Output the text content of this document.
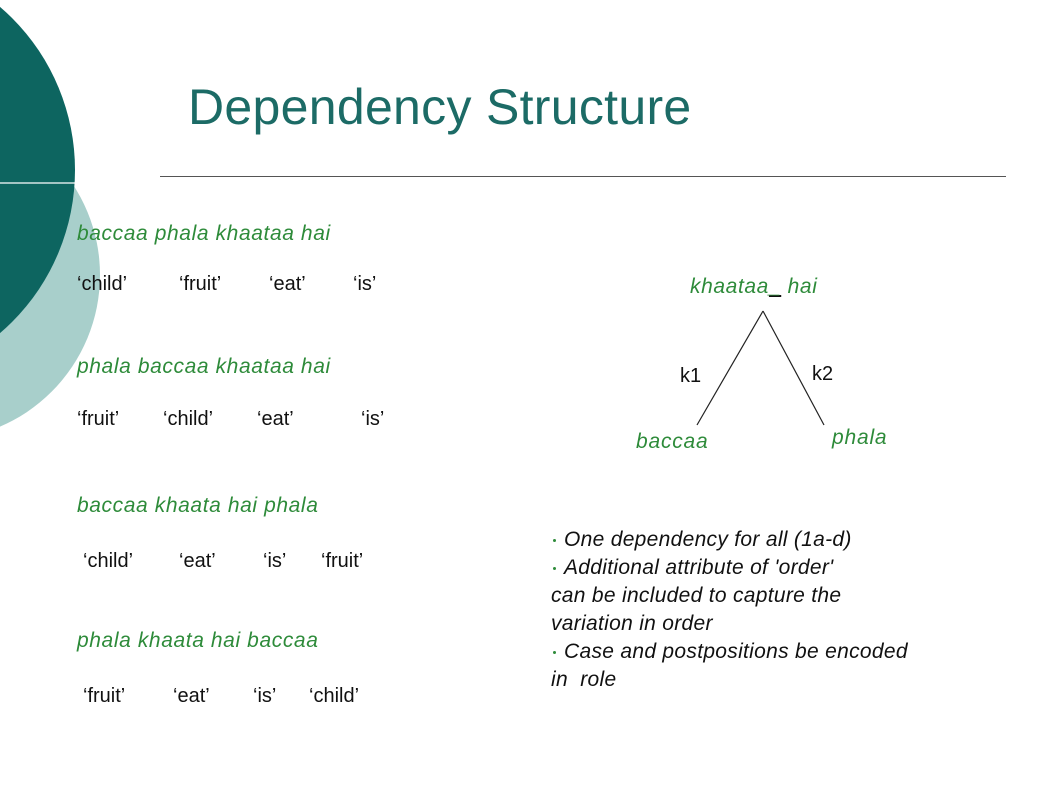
Dependency Structure
baccaa phala khaataa hai
‘child’	‘fruit’ ‘eat’ ‘is’
phala baccaa khaataa hai
‘fruit’ ‘child’ ‘eat’	‘is’
baccaa khaata hai phala
‘child’ ‘eat’ ‘is’ ‘fruit’
phala khaata hai baccaa
‘fruit’ ‘eat’ ‘is’ ‘child’
khaataa_ hai
k1	k2
baccaa	phala
One dependency for all (1a-d)
Additional attribute of 'order'
can be included to capture the
variation in order
Case and postpositions be encoded
in  role
